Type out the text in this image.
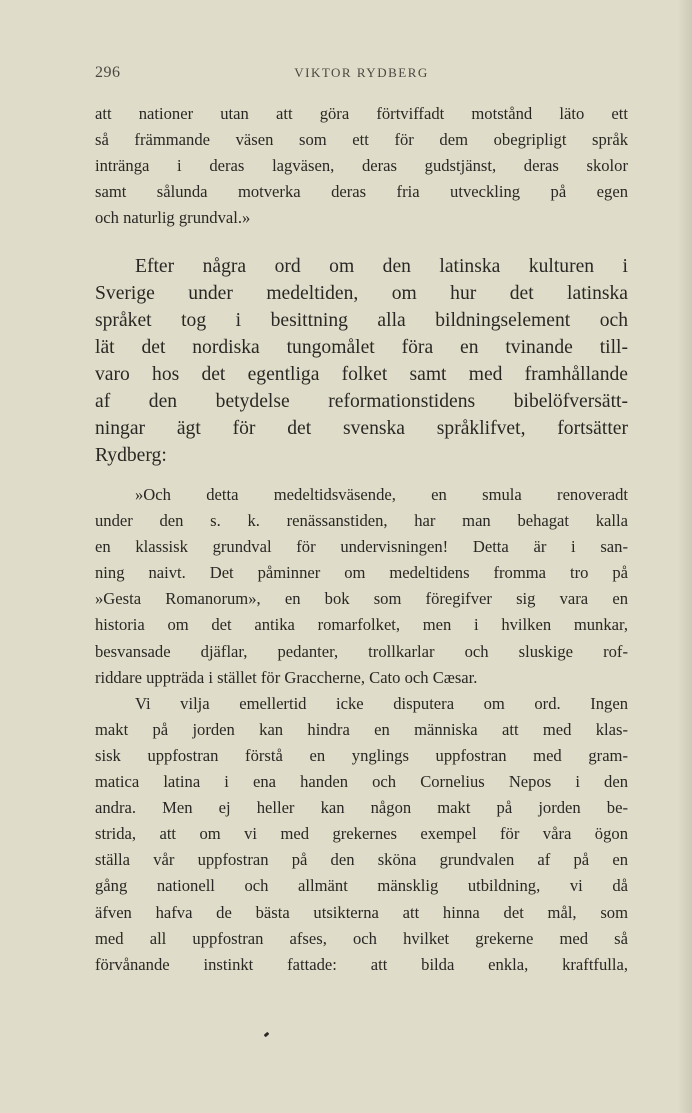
296	VIKTOR RYDBERG
att nationer utan att göra förtviffadt motstånd läto ett
så främmande väsen som ett för dem obegripligt språk
intränga i deras lagväsen, deras gudstjänst, deras skolor
samt sålunda motverka deras fria utveckling på egen
och naturlig grundval.»
Efter några ord om den latinska kulturen i
Sverige under medeltiden, om hur det latinska
språket tog i besittning alla bildningselement och
lät det nordiska tungomålet föra en tvinande till-
varo hos det egentliga folket samt med framhållande
af den betydelse reformationstidens bibelöfversätt-
ningar ägt för det svenska språklifvet, fortsätter
Rydberg:
»Och detta medeltidsväsende, en smula renoveradt
under den s. k. renässanstiden, har man behagat kalla
en klassisk grundval för undervisningen! Detta är i san-
ning naivt. Det påminner om medeltidens fromma tro på
»Gesta Romanorum», en bok som föregifver sig vara en
historia om det antika romarfolket, men i hvilken munkar,
besvansade djäflar, pedanter, trollkarlar och sluskige rof-
riddare uppträda i stället för Graccherne, Cato och Cæsar.
Vi vilja emellertid icke disputera om ord. Ingen
makt på jorden kan hindra en människa att med klas-
sisk uppfostran förstå en ynglings uppfostran med gram-
matica latina i ena handen och Cornelius Nepos i den
andra. Men ej heller kan någon makt på jorden be-
strida, att om vi med grekernes exempel för våra ögon
ställa vår uppfostran på den sköna grundvalen af på en
gång nationell och allmänt mänsklig utbildning, vi då
äfven hafva de bästa utsikterna att hinna det mål, som
med all uppfostran afses, och hvilket grekerne med så
förvånande instinkt fattade: att bilda enkla, kraftfulla,
